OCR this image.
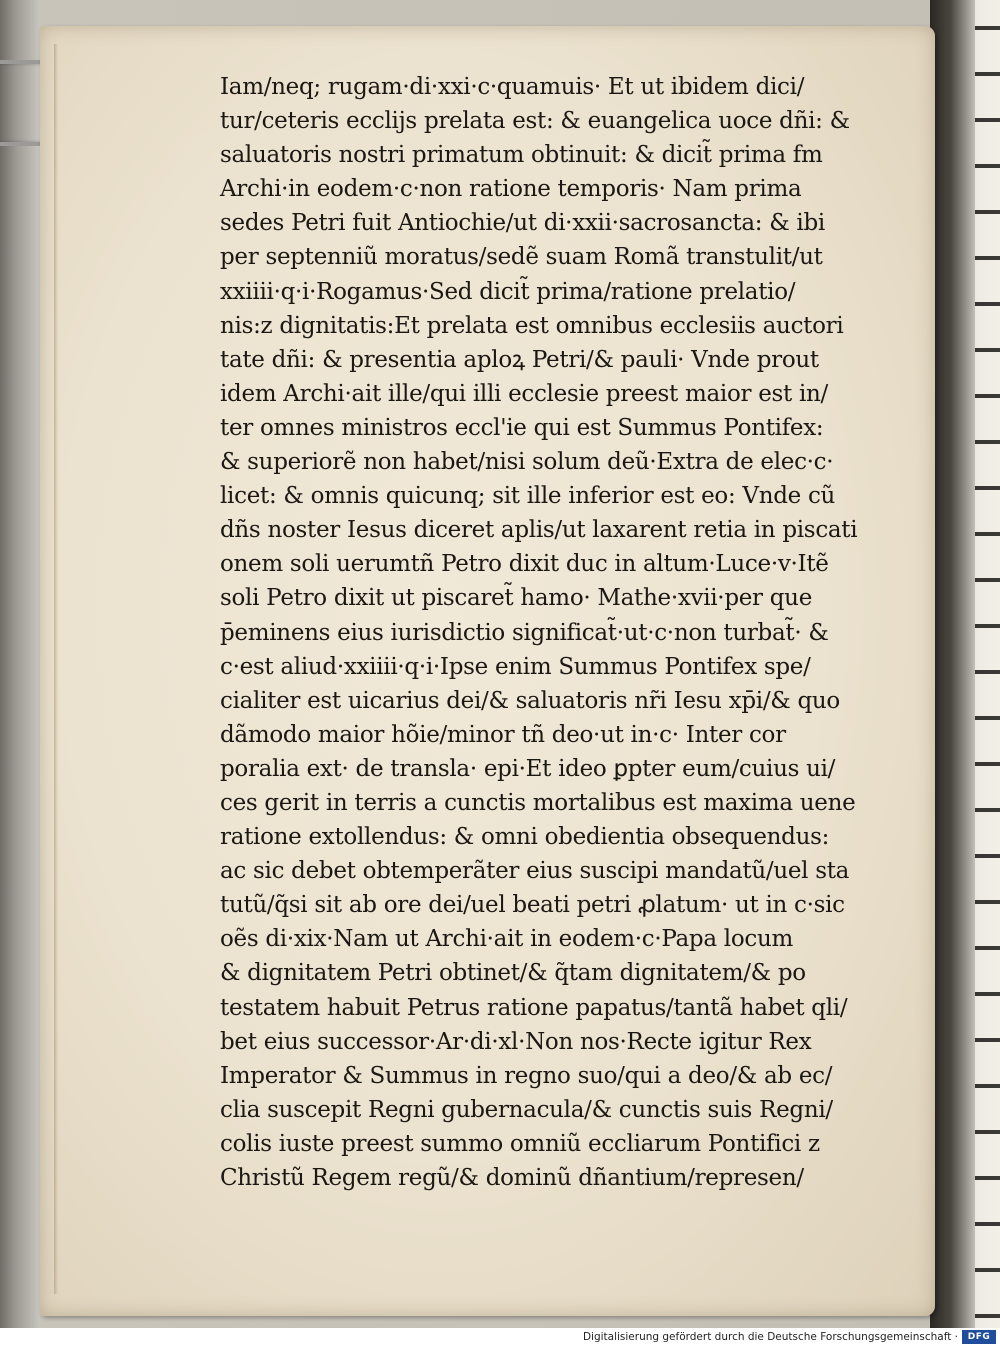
Iam/neq; rugam·di·xxi·c·quamuis· Et ut ibidem dici/
tur/ceteris ecclijs prelata est: & euangelica uoce dñi: &
saluatoris nostri primatum obtinuit: & dicit̃ prima fm
Archi·in eodem·c·non ratione temporis· Nam prima
sedes Petri fuit Antiochie/ut di·xxii·sacrosancta: & ibi
per septenniũ moratus/sedẽ suam Romã transtulit/ut
xxiiii·q·i·Rogamus·Sed dicit̃ prima/ratione prelatio/
nis:z dignitatis:Et prelata est omnibus ecclesiis auctori
tate dñi: & presentia aploꝝ Petri/& pauli· Vnde prout
idem Archi·ait ille/qui illi ecclesie preest maior est in/
ter omnes ministros eccl'ie qui est Summus Pontifex:
& superiorẽ non habet/nisi solum deũ·Extra de elec·c·
licet: & omnis quicunq; sit ille inferior est eo: Vnde cũ
dñs noster Iesus diceret aplis/ut laxarent retia in piscati
onem soli uerumtñ Petro dixit duc in altum·Luce·v·Itẽ
soli Petro dixit ut piscaret̃ hamo· Mathe·xvii·per que
p̄eminens eius iurisdictio significat̃·ut·c·non turbat̃· &
c·est aliud·xxiiii·q·i·Ipse enim Summus Pontifex spe/
cialiter est uicarius dei/& saluatoris nr̃i Iesu xp̄i/& quo
dãmodo maior hõie/minor tñ deo·ut in·c· Inter cor
poralia ext· de transla· epi·Et ideo ꝑpter eum/cuius ui/
ces gerit in terris a cunctis mortalibus est maxima uene
ratione extollendus: & omni obedientia obsequendus:
ac sic debet obtemperãter eius suscipi mandatũ/uel sta
tutũ/q̃si sit ab ore dei/uel beati petri ꝓlatum· ut in c·sic
oẽs di·xix·Nam ut Archi·ait in eodem·c·Papa locum
& dignitatem Petri obtinet/& q̃tam dignitatem/& po
testatem habuit Petrus ratione papatus/tantã habet qli/
bet eius successor·Ar·di·xl·Non nos·Recte igitur Rex
Imperator & Summus in regno suo/qui a deo/& ab ec/
clia suscepit Regni gubernacula/& cunctis suis Regni/
colis iuste preest summo omniũ eccliarum Pontifici z
Christũ Regem regũ/& dominũ dñantium/represen/
Digitalisierung gefördert durch die Deutsche Forschungsgemeinschaft ·	DFG
